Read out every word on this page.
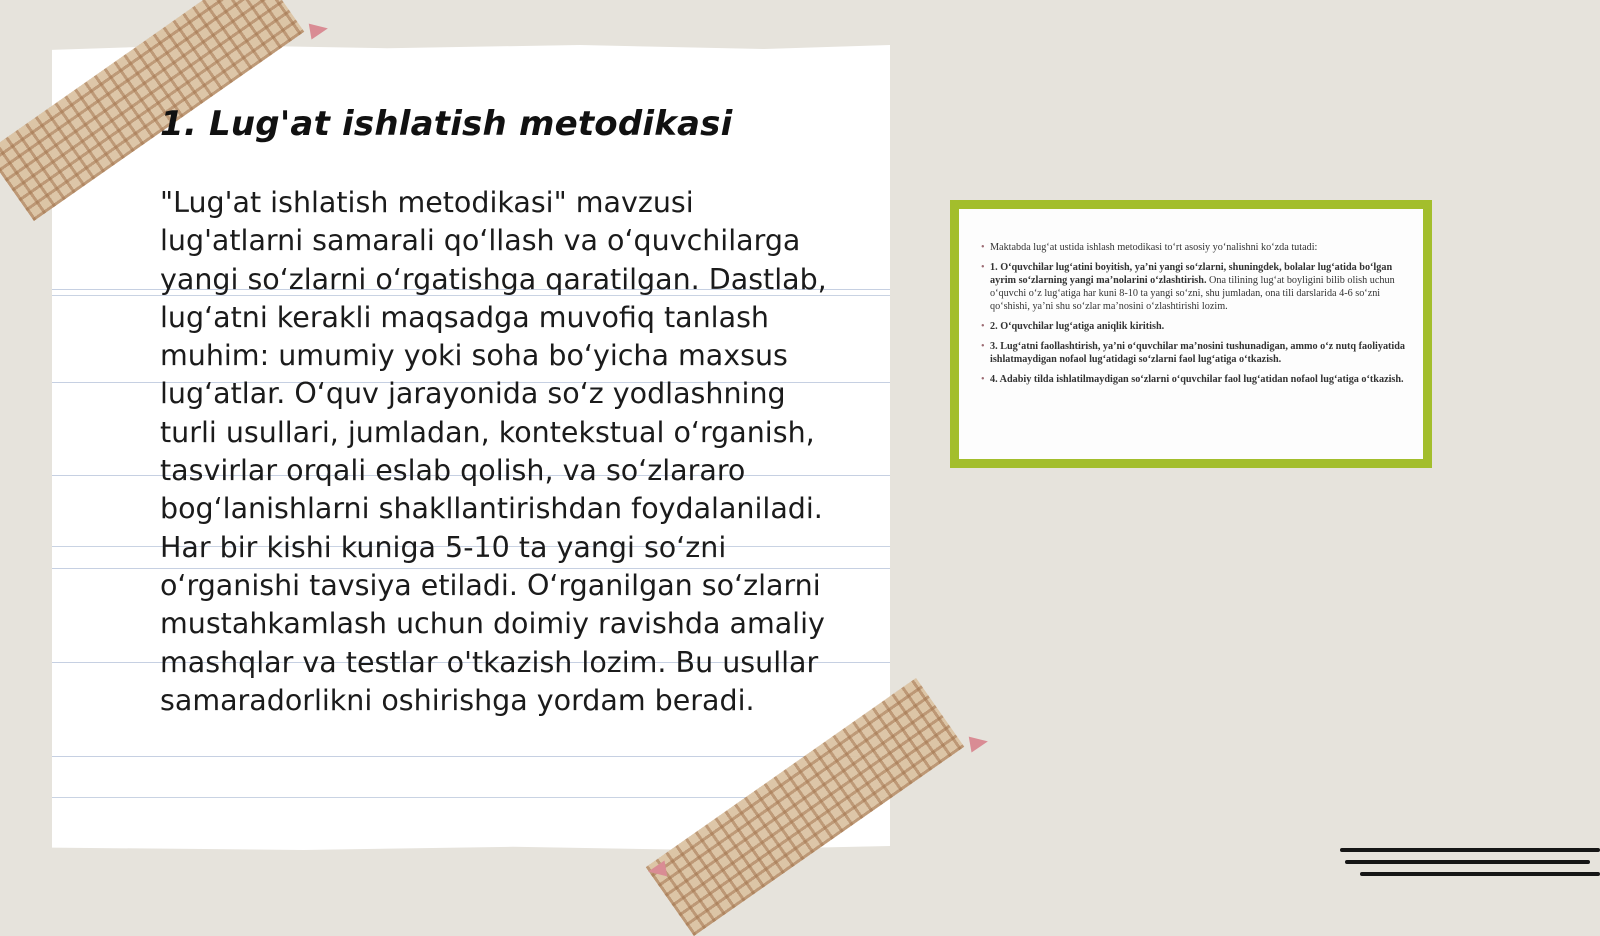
1. Lug'at ishlatish metodikasi

"Lug'at ishlatish metodikasi" mavzusi lug'atlarni samarali qo‘llash va o‘quvchilarga yangi so‘zlarni o‘rgatishga qaratilgan. Dastlab, lug‘atni kerakli maqsadga muvofiq tanlash muhim: umumiy yoki soha bo‘yicha maxsus lug‘atlar. O‘quv jarayonida so‘z yodlashning turli usullari, jumladan, kontekstual o‘rganish, tasvirlar orqali eslab qolish, va so‘zlararo bog‘lanishlarni shakllantirishdan foydalaniladi. Har bir kishi kuniga 5-10 ta yangi so‘zni o‘rganishi tavsiya etiladi. O‘rganilgan so‘zlarni mustahkamlash uchun doimiy ravishda amaliy mashqlar va testlar o'tkazish lozim. Bu usullar samaradorlikni oshirishga yordam beradi.

• Maktabda lug‘at ustida ishlash metodikasi to‘rt asosiy yo‘nalishni ko‘zda tutadi:

• 1. O‘quvchilar lug‘atini boyitish, ya’ni yangi so‘zlarni, shuningdek, bolalar lug‘atida bo‘lgan ayrim so‘zlarning yangi ma’nolarini o‘zlashtirish. Ona tilining lug‘at boyligini bilib olish uchun o‘quvchi o‘z lug‘atiga har kuni 8-10 ta yangi so‘zni, shu jumladan, ona tili darslarida 4-6 so‘zni qo‘shishi, ya’ni shu so‘zlar ma’nosini o‘zlashtirishi lozim.

• 2. O‘quvchilar lug‘atiga aniqlik kiritish.

• 3. Lug‘atni faollashtirish, ya’ni o‘quvchilar ma’nosini tushunadigan, ammo o‘z nutq faoliyatida ishlatmaydigan nofaol lug‘atidagi so‘zlarni faol lug‘atiga o‘tkazish.

• 4. Adabiy tilda ishlatilmaydigan so‘zlarni o‘quvchilar faol lug‘atidan nofaol lug‘atiga o‘tkazish.
